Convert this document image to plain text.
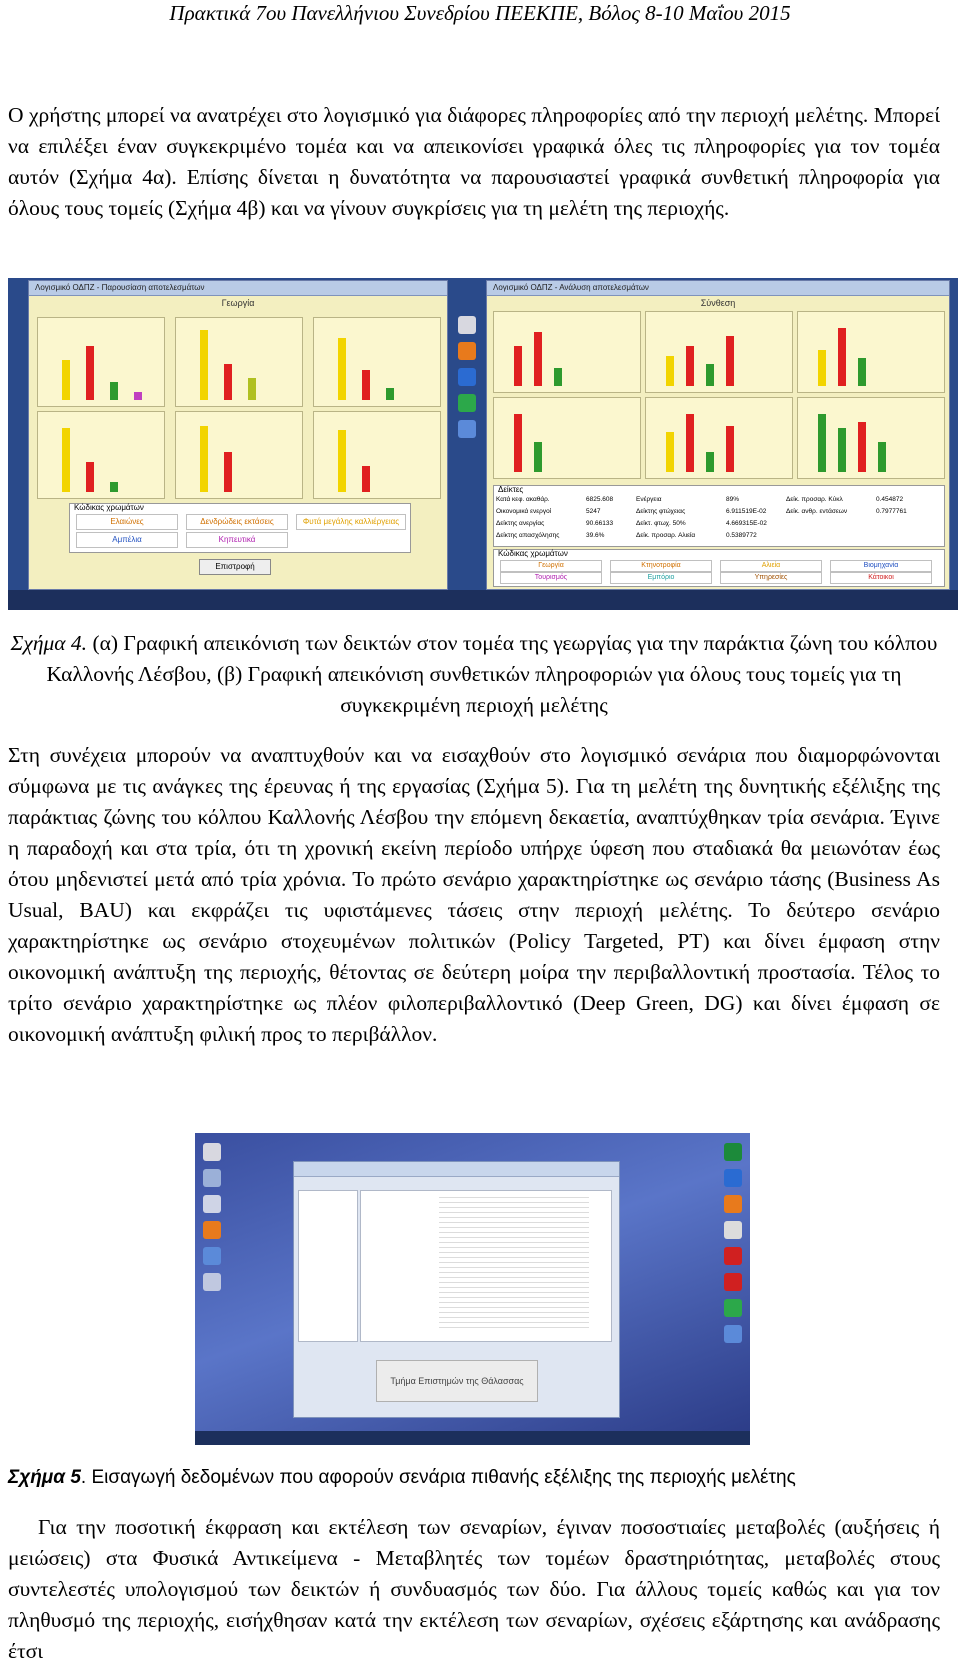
Πρακτικά 7ου Πανελλήνιου Συνεδρίου ΠΕΕΚΠΕ, Βόλος 8-10 Μαΐου 2015

Ο χρήστης μπορεί να ανατρέχει στο λογισμικό για διάφορες πληροφορίες από την περιοχή μελέτης. Μπορεί να επιλέξει έναν συγκεκριμένο τομέα και να απεικονίσει γραφικά όλες τις πληροφορίες για τον τομέα αυτόν (Σχήμα 4α). Επίσης δίνεται η δυνατότητα να παρουσιαστεί γραφικά συνθετική πληροφορία για όλους τους τομείς (Σχήμα 4β) και να γίνουν συγκρίσεις για τη μελέτη της περιοχής.

Λογισμικό ΟΔΠΖ - Παρουσίαση αποτελεσμάτων
Γεωργία
Κώδικας χρωμάτων
Ελαιώνες	Δενδρώδεις εκτάσεις	Φυτά μεγάλης καλλιέργειας
Αμπέλια	Κηπευτικά
Επιστροφή
Λογισμικό ΟΔΠΖ - Ανάλυση αποτελεσμάτων
Σύνθεση
Δείκτες
Κατά κεφ. ακαθάρ.	6825.608	Ενέργεια	89%	Δείκ. προσαρ. Κύκλ	0.454872
Οικονομικά ενεργοί	5247	Δείκτης φτώχειας	6.911519E-02	Δείκ. ανθρ. εντάσεων	0.7977761
Δείκτης ανεργίας	90.66133	Δείκτ. φτωχ. 50%	4.669315E-02
Δείκτης απασχόλησης	39.6%	Δείκ. προσαρ. Αλιεία	0.5389772
Κώδικας χρωμάτων
Γεωργία	Κτηνοτροφία	Αλιεία	Βιομηχανία
Τουρισμός	Εμπόριο	Υπηρεσίες	Κάτοικοι

Σχήμα 4. (α) Γραφική απεικόνιση των δεικτών στον τομέα της γεωργίας για την παράκτια ζώνη του κόλπου Καλλονής Λέσβου, (β) Γραφική απεικόνιση συνθετικών πληροφοριών για όλους τους τομείς για τη συγκεκριμένη περιοχή μελέτης

Στη συνέχεια μπορούν να αναπτυχθούν και να εισαχθούν στο λογισμικό σενάρια που διαμορφώνονται σύμφωνα με τις ανάγκες της έρευνας ή της εργασίας (Σχήμα 5). Για τη μελέτη της δυνητικής εξέλιξης της παράκτιας ζώνης του κόλπου Καλλονής Λέσβου την επόμενη δεκαετία, αναπτύχθηκαν τρία σενάρια. Έγινε η παραδοχή και στα τρία, ότι τη χρονική εκείνη περίοδο υπήρχε ύφεση που σταδιακά θα μειωνόταν έως ότου μηδενιστεί μετά από τρία χρόνια. Το πρώτο σενάριο χαρακτηρίστηκε ως σενάριο τάσης (Business As Usual, BAU) και εκφράζει τις υφιστάμενες τάσεις στην περιοχή μελέτης. Το δεύτερο σενάριο χαρακτηρίστηκε ως σενάριο στοχευμένων πολιτικών (Policy Targeted, PT) και δίνει έμφαση στην οικονομική ανάπτυξη της περιοχής, θέτοντας σε δεύτερη μοίρα την περιβαλλοντική προστασία. Τέλος το τρίτο σενάριο χαρακτηρίστηκε ως πλέον φιλοπεριβαλλοντικό (Deep Green, DG) και δίνει έμφαση σε οικονομική ανάπτυξη φιλική προς το περιβάλλον.

Τμήμα Επιστημών της Θάλασσας

Σχήμα 5. Εισαγωγή δεδομένων που αφορούν σενάρια πιθανής εξέλιξης της περιοχής μελέτης

Για την ποσοτική έκφραση και εκτέλεση των σεναρίων, έγιναν ποσοστιαίες μεταβολές (αυξήσεις ή μειώσεις) στα Φυσικά Αντικείμενα - Μεταβλητές των τομέων δραστηριότητας, μεταβολές στους συντελεστές υπολογισμού των δεικτών ή συνδυασμός των δύο. Για άλλους τομείς καθώς και για τον πληθυσμό της περιοχής, εισήχθησαν κατά την εκτέλεση των σεναρίων, σχέσεις εξάρτησης και ανάδρασης έτσι
